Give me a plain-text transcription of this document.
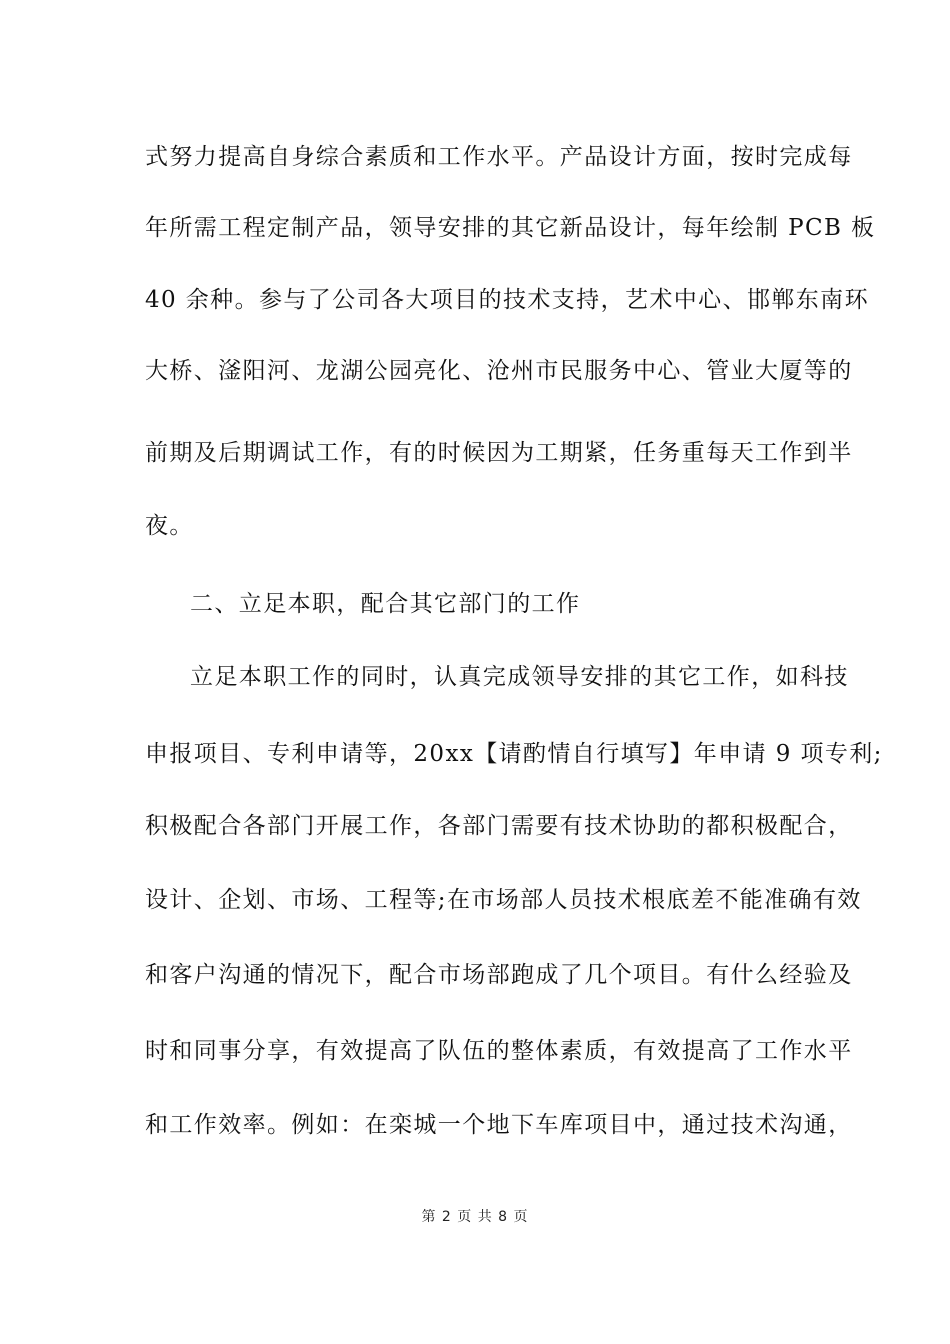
式努力提高自身综合素质和工作水平。产品设计方面，按时完成每
年所需工程定制产品，领导安排的其它新品设计，每年绘制 PCB 板
40 余种。参与了公司各大项目的技术支持，艺术中心、邯郸东南环
大桥、滏阳河、龙湖公园亮化、沧州市民服务中心、管业大厦等的
前期及后期调试工作，有的时候因为工期紧，任务重每天工作到半
夜。
二、立足本职，配合其它部门的工作
立足本职工作的同时，认真完成领导安排的其它工作，如科技
申报项目、专利申请等，20xx【请酌情自行填写】年申请 9 项专利;
积极配合各部门开展工作，各部门需要有技术协助的都积极配合，
设计、企划、市场、工程等;在市场部人员技术根底差不能准确有效
和客户沟通的情况下，配合市场部跑成了几个项目。有什么经验及
时和同事分享，有效提高了队伍的整体素质，有效提高了工作水平
和工作效率。例如：在栾城一个地下车库项目中，通过技术沟通，
第 2 页 共 8 页
